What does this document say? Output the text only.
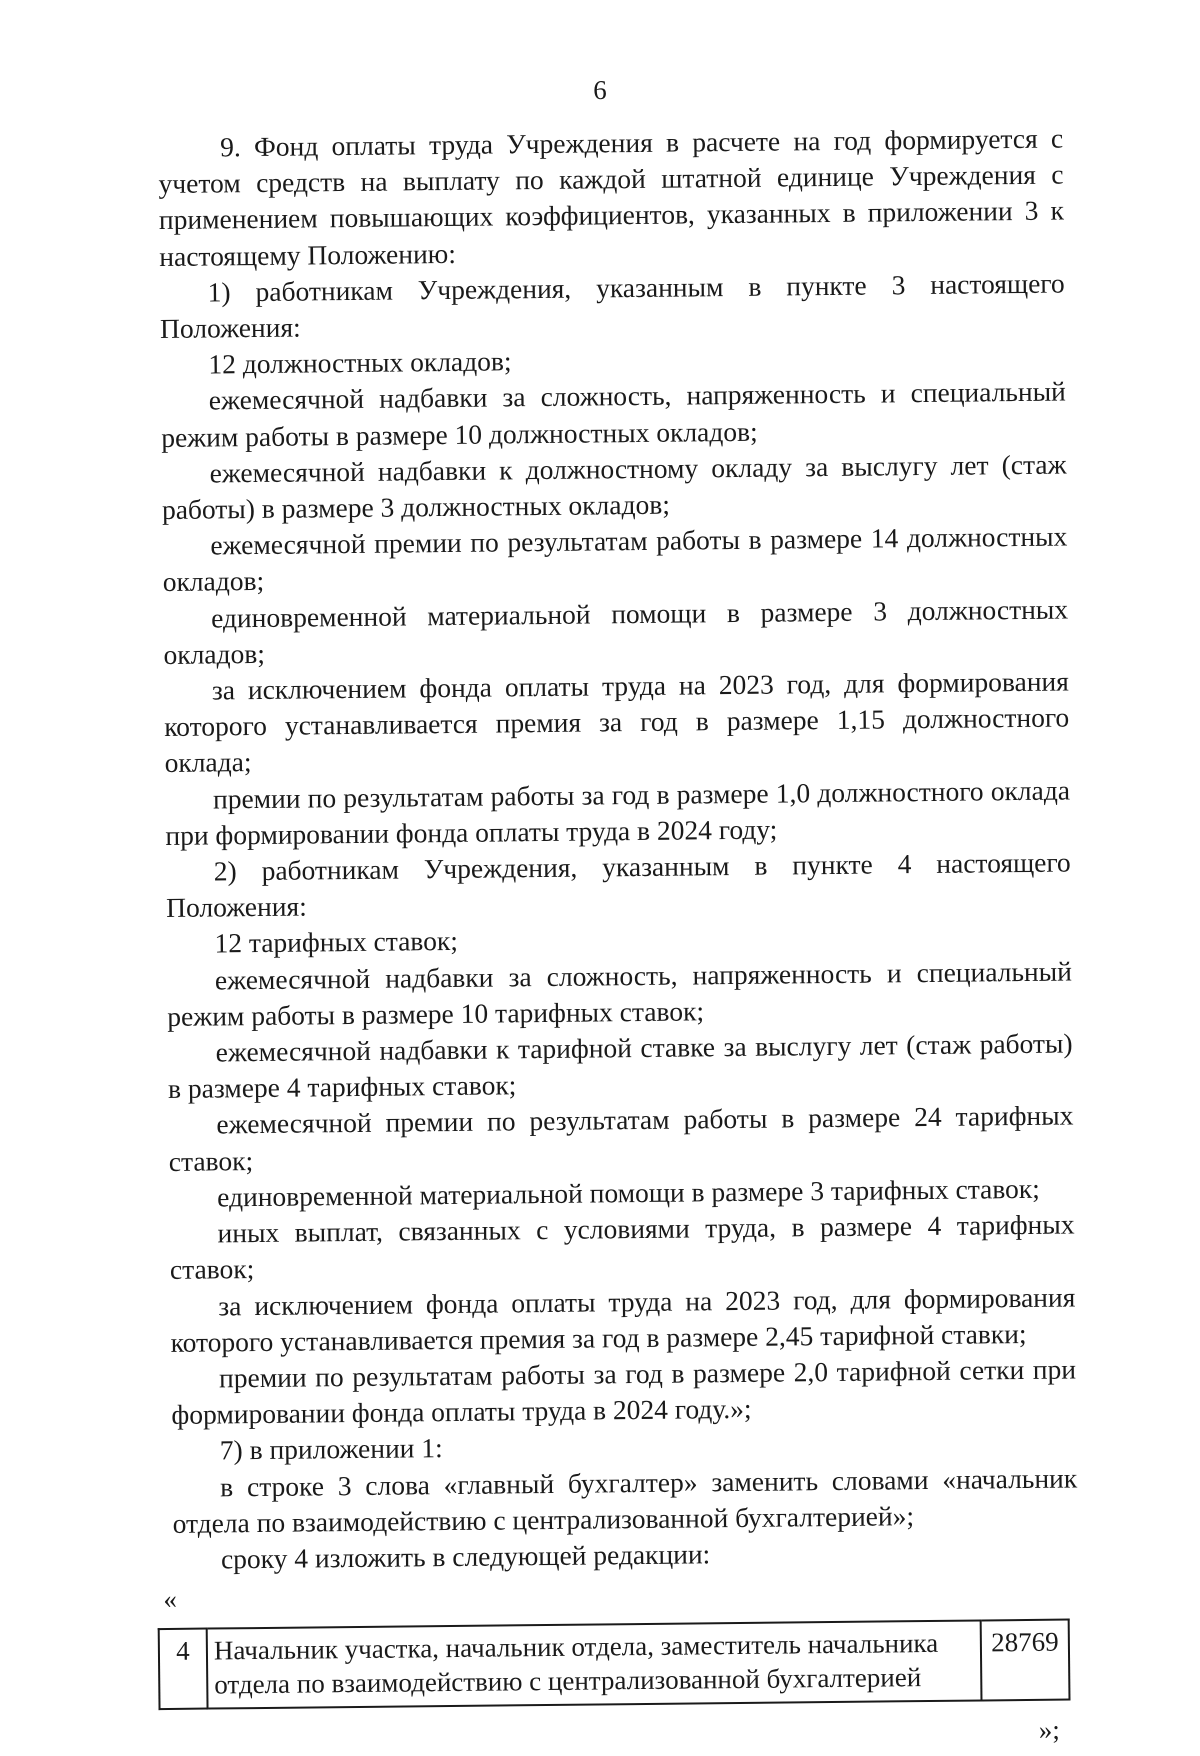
6

9. Фонд оплаты труда Учреждения в расчете на год формируется с учетом средств на выплату по каждой штатной единице Учреждения с применением повышающих коэффициентов, указанных в приложении 3 к настоящему Положению:

1) работникам Учреждения, указанным в пункте 3 настоящего Положения:

12 должностных окладов;

ежемесячной надбавки за сложность, напряженность и специальный режим работы в размере 10 должностных окладов;

ежемесячной надбавки к должностному окладу за выслугу лет (стаж работы) в размере 3 должностных окладов;

ежемесячной премии по результатам работы в размере 14 должностных окладов;

единовременной материальной помощи в размере 3 должностных окладов;

за исключением фонда оплаты труда на 2023 год, для формирования которого устанавливается премия за год в размере 1,15 должностного оклада;

премии по результатам работы за год в размере 1,0 должностного оклада при формировании фонда оплаты труда в 2024 году;

2) работникам Учреждения, указанным в пункте 4 настоящего Положения:

12 тарифных ставок;

ежемесячной надбавки за сложность, напряженность и специальный режим работы в размере 10 тарифных ставок;

ежемесячной надбавки к тарифной ставке за выслугу лет (стаж работы) в размере 4 тарифных ставок;

ежемесячной премии по результатам работы в размере 24 тарифных ставок;

единовременной материальной помощи в размере 3 тарифных ставок;

иных выплат, связанных с условиями труда, в размере 4 тарифных ставок;

за исключением фонда оплаты труда на 2023 год, для формирования которого устанавливается премия за год в размере 2,45 тарифной ставки;

премии по результатам работы за год в размере 2,0 тарифной сетки при формировании фонда оплаты труда в 2024 году.»;

7) в приложении 1:

в строке 3 слова «главный бухгалтер» заменить словами «начальник отдела по взаимодействию с централизованной бухгалтерией»;

сроку 4 изложить в следующей редакции:

«
4	Начальник участка, начальник отдела, заместитель начальника отдела по взаимодействию с централизованной бухгалтерией	28769
»;
